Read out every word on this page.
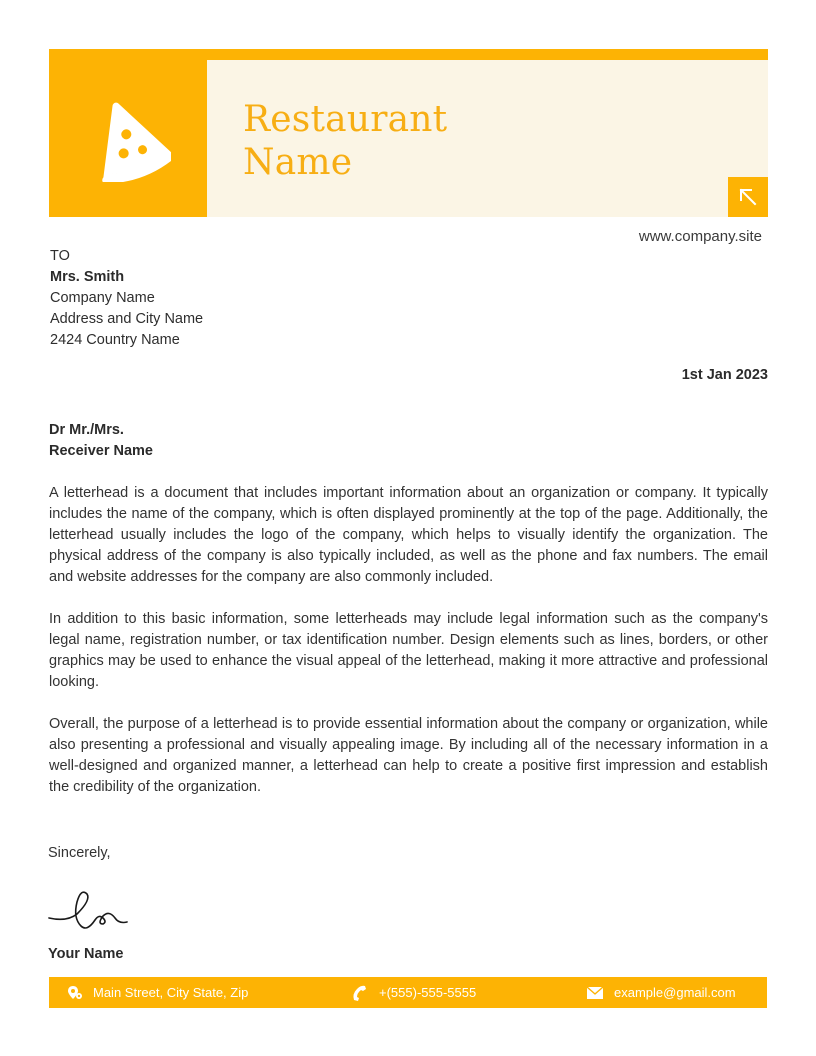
Restaurant
Name
www.company.site
TO
Mrs. Smith
Company Name
Address and City Name
2424 Country Name
1st Jan 2023
Dr Mr./Mrs.
Receiver Name

A letterhead is a document that includes important information about an organization or company. It typically includes the name of the company, which is often displayed prominently at the top of the page. Additionally, the letterhead usually includes the logo of the company, which helps to visually identify the organization. The physical address of the company is also typically included, as well as the phone and fax numbers. The email and website addresses for the company are also commonly included.

In addition to this basic information, some letterheads may include legal information such as the company's legal name, registration number, or tax identification number. Design elements such as lines, borders, or other graphics may be used to enhance the visual appeal of the letterhead, making it more attractive and professional looking.

Overall, the purpose of a letterhead is to provide essential information about the company or organization, while also presenting a professional and visually appealing image. By including all of the necessary information in a well-designed and organized manner, a letterhead can help to create a positive first impression and establish the credibility of the organization.

Sincerely,
Your Name
Main Street, City State, Zip	+(555)-555-5555	example@gmail.com
